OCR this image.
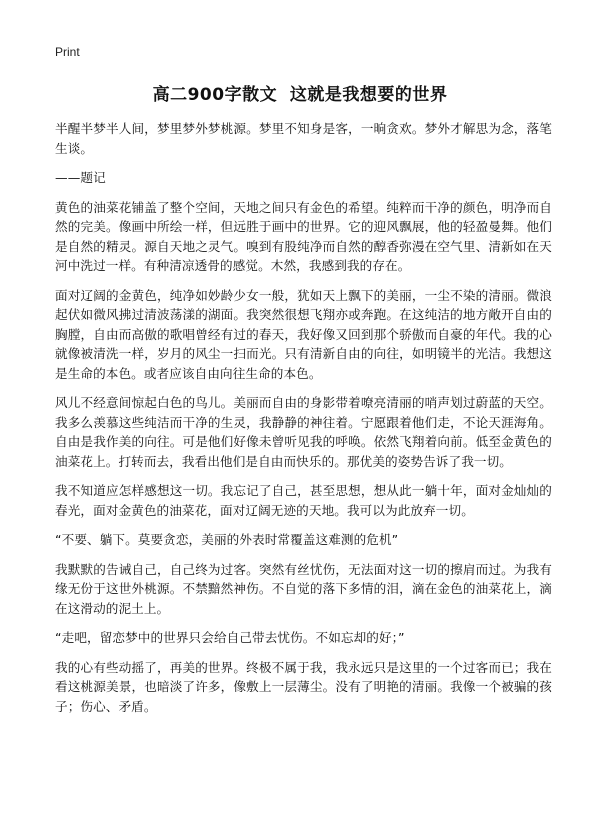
Print
高二900字散文  这就是我想要的世界

半醒半梦半人间，梦里梦外梦桃源。梦里不知身是客，一晌贪欢。梦外才解思为念，落笔生谈。

——题记

黄色的油菜花铺盖了整个空间，天地之间只有金色的希望。纯粹而干净的颜色，明净而自然的完美。像画中所绘一样，但远胜于画中的世界。它的迎风飘展，他的轻盈曼舞。他们是自然的精灵。源自天地之灵气。嗅到有股纯净而自然的醇香弥漫在空气里、清新如在天河中洗过一样。有种清凉透骨的感觉。木然，我感到我的存在。

面对辽阔的金黄色，纯净如妙龄少女一般，犹如天上飘下的美丽，一尘不染的清丽。微浪起伏如微风拂过清波荡漾的湖面。我突然很想飞翔亦或奔跑。在这纯洁的地方敞开自由的胸膛，自由而高傲的歌唱曾经有过的春天，我好像又回到那个骄傲而自豪的年代。我的心就像被清洗一样，岁月的风尘一扫而光。只有清新自由的向往，如明镜半的光洁。我想这是生命的本色。或者应该自由向往生命的本色。

风儿不经意间惊起白色的鸟儿。美丽而自由的身影带着嘹亮清丽的哨声划过蔚蓝的天空。我多么羡慕这些纯洁而干净的生灵，我静静的神往着。宁愿跟着他们走，不论天涯海角。自由是我作美的向往。可是他们好像未曾听见我的呼唤。依然飞翔着向前。低至金黄色的油菜花上。打转而去，我看出他们是自由而快乐的。那优美的姿势告诉了我一切。

我不知道应怎样感想这一切。我忘记了自己，甚至思想，想从此一躺十年，面对金灿灿的春光，面对金黄色的油菜花，面对辽阔无迹的天地。我可以为此放弃一切。

“不要、躺下。莫要贪恋，美丽的外表时常覆盖这难测的危机”

我默默的告诫自己，自己终为过客。突然有丝忧伤，无法面对这一切的擦肩而过。为我有缘无份于这世外桃源。不禁黯然神伤。不自觉的落下多情的泪，滴在金色的油菜花上，滴在这滑动的泥土上。

“走吧，留恋梦中的世界只会给自己带去忧伤。不如忘却的好；”

我的心有些动摇了，再美的世界。终极不属于我，我永远只是这里的一个过客而已；我在看这桃源美景，也暗淡了许多，像敷上一层薄尘。没有了明艳的清丽。我像一个被骗的孩子；伤心、矛盾。
